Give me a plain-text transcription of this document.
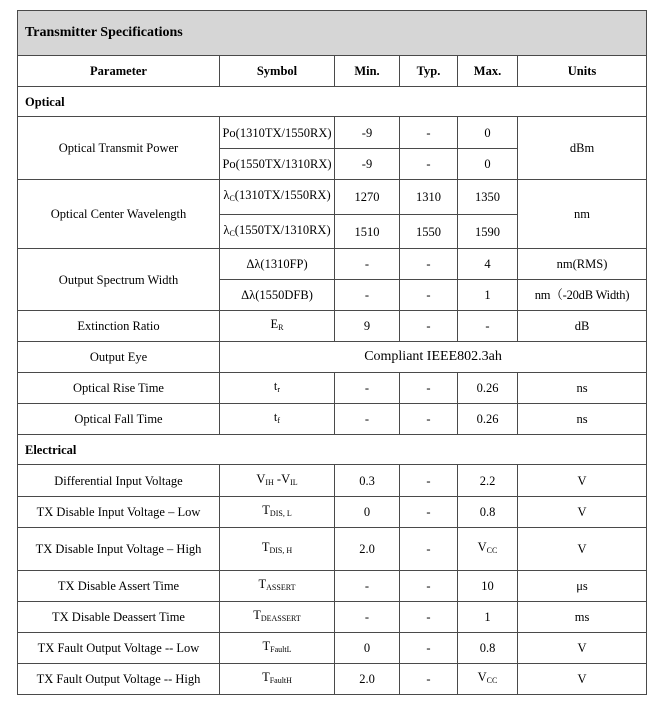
Transmitter Specifications					
Parameter	Symbol	Min.	Typ.	Max.	Units
Optical					
Optical Transmit Power	Po(1310TX/1550RX)	-9	-	0	dBm
	Po(1550TX/1310RX)	-9	-	0	
Optical Center Wavelength	$\lambda_C(1310TX/1550RX)$	1270	1310	1350	nm
	$\lambda_C(1550TX/1310RX)$	1510	1550	1590	
Output Spectrum Width	Δλ(1310FP)	-	-	4	nm(RMS)
	Δλ(1550DFB)	-	-	1	nm（-20dB Width)
Extinction Ratio	$E_R$	9	-	-	dB
Output Eye	Compliant IEEE802.3ah				
Optical Rise Time	$t_r$	-	-	0.26	ns
Optical Fall Time	$t_f$	-	-	0.26	ns
Electrical					
Differential Input Voltage	$V_{IH}$ $-V_{IL}$	0.3	-	2.2	V
TX Disable Input Voltage – Low	$T_{DIS, L}$	0	-	0.8	V
TX Disable Input Voltage – High	$T_{DIS, H}$	2.0	-	$V_{CC}$	V
TX Disable Assert Time	$T_{ASSERT}$	-	-	10	μs
TX Disable Deassert Time	$T_{DEASSERT}$	-	-	1	ms
TX Fault Output Voltage -- Low	$T_{FaultL}$	0	-	0.8	V
TX Fault Output Voltage -- High	$T_{FaultH}$	2.0	-	$V_{CC}$	V
